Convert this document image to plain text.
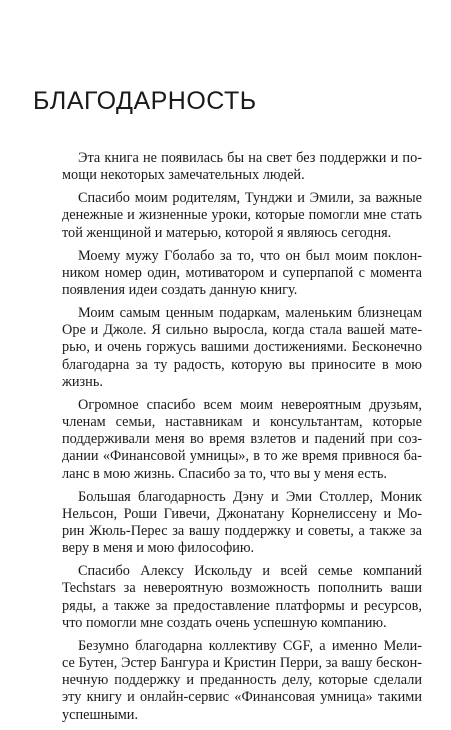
БЛАГОДАРНОСТЬ

Эта книга не появилась бы на свет без поддержки и по-
мощи некоторых замечательных людей.

Спасибо моим родителям, Тунджи и Эмили, за важные
денежные и жизненные уроки, которые помогли мне стать
той женщиной и матерью, которой я являюсь сегодня.

Моему мужу Гболабо за то, что он был моим поклон-
ником номер один, мотиватором и суперпапой с момента
появления идеи создать данную книгу.

Моим самым ценным подаркам, маленьким близнецам
Оре и Джоле. Я сильно выросла, когда стала вашей мате-
рью, и очень горжусь вашими достижениями. Бесконечно
благодарна за ту радость, которую вы приносите в мою
жизнь.

Огромное спасибо всем моим невероятным друзьям,
членам семьи, наставникам и консультантам, которые
поддерживали меня во время взлетов и падений при соз-
дании «Финансовой умницы», в то же время привнося ба-
ланс в мою жизнь. Спасибо за то, что вы у меня есть.

Большая благодарность Дэну и Эми Столлер, Моник
Нельсон, Роши Гивечи, Джонатану Корнелиссену и Мо-
рин Жюль-Перес за вашу поддержку и советы, а также за
веру в меня и мою философию.

Спасибо Алексу Искольду и всей семье компаний
Techstars за невероятную возможность пополнить ваши
ряды, а также за предоставление платформы и ресурсов,
что помогли мне создать очень успешную компанию.

Безумно благодарна коллективу CGF, а именно Мели-
се Бутен, Эстер Бангура и Кристин Перри, за вашу бескон-
нечную поддержку и преданность делу, которые сделали
эту книгу и онлайн-сервис «Финансовая умница» такими
успешными.
